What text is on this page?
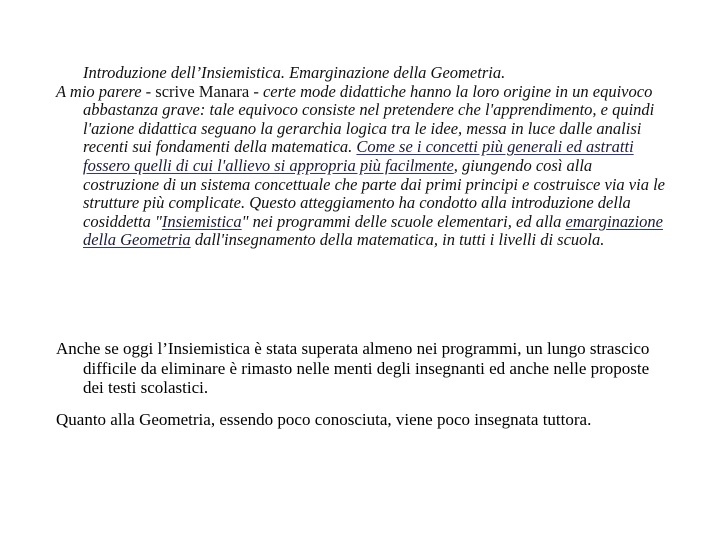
Introduzione dell’Insiemistica. Emarginazione della Geometria.
A mio parere - scrive Manara - certe mode didattiche hanno la loro origine in un equivoco abbastanza grave: tale equivoco consiste nel pretendere che l'apprendimento, e quindi l'azione didattica seguano la gerarchia logica tra le idee, messa in luce dalle analisi recenti sui fondamenti della matematica. Come se i concetti più generali ed astratti fossero quelli di cui l'allievo si appropria più facilmente, giungendo così alla costruzione di un sistema concettuale che parte dai primi principi e costruisce via via le strutture più complicate. Questo atteggiamento ha condotto alla introduzione della cosiddetta "Insiemistica" nei programmi delle scuole elementari, ed alla emarginazione della Geometria dall'insegnamento della matematica, in tutti i livelli di scuola.
Anche se oggi l’Insiemistica è stata superata almeno nei programmi, un lungo strascico difficile da eliminare è rimasto nelle menti degli insegnanti ed anche nelle proposte dei testi scolastici.
Quanto alla Geometria, essendo poco conosciuta, viene poco insegnata tuttora.
